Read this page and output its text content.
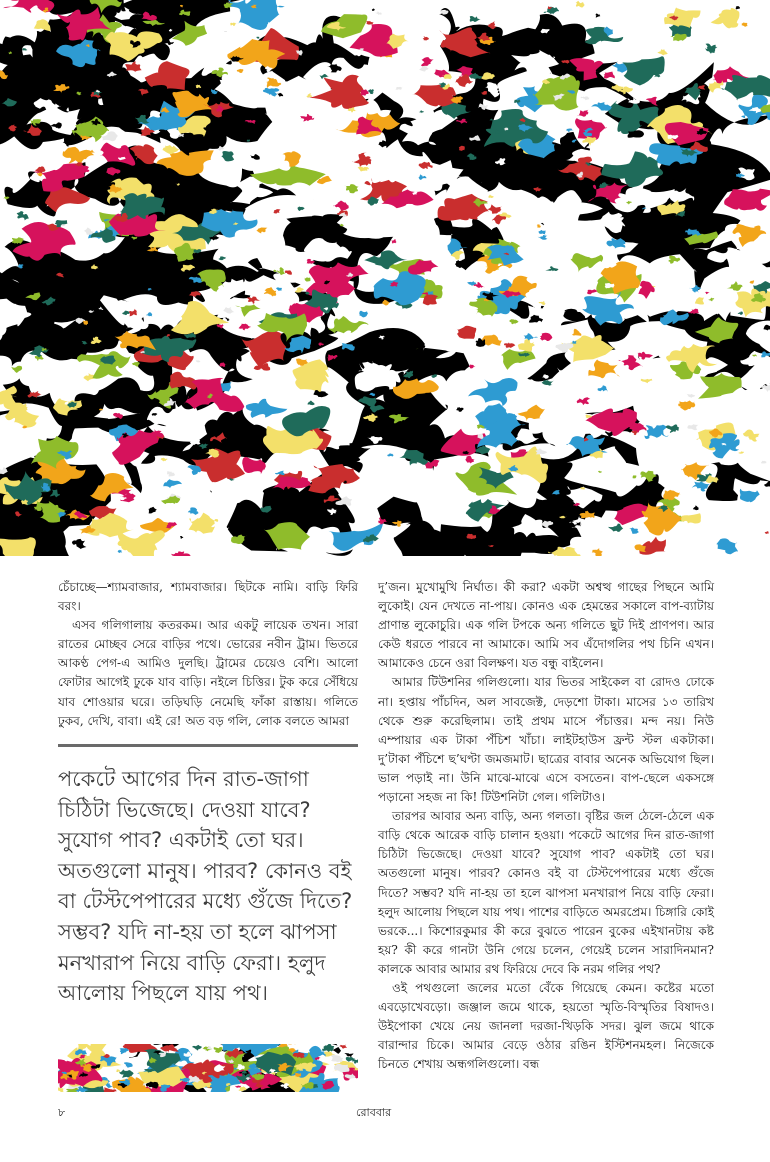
চেঁচাচ্ছে—শ্যামবাজার, শ্যামবাজার। ছিটকে নামি। বাড়ি ফিরি বরং।

এসব গলিগালায় কতরকম। আর একটু লায়েক তখন। সারা রাতের মোচ্ছব সেরে বাড়ির পথে। ভোরের নবীন ট্রাম। ভিতরে আকণ্ঠ পেগ-এ আমিও দুলছি। ট্রামের চেয়েও বেশি। আলো ফোটার আগেই ঢুকে যাব বাড়ি। নইলে চিত্তির। টুক করে সেঁধিয়ে যাব শোওয়ার ঘরে। তড়িঘড়ি নেমেছি ফাঁকা রাস্তায়। গলিতে ঢুকব, দেখি, বাবা। এই রে! অত বড় গলি, লোক বলতে আমরা

পকেটে আগের দিন রাত-জাগা চিঠিটা ভিজেছে। দেওয়া যাবে? সুযোগ পাব? একটাই তো ঘর। অতগুলো মানুষ। পারব? কোনও বই বা টেস্টপেপারের মধ্যে গুঁজে দিতে? সম্ভব? যদি না-হয় তা হলে ঝাপসা মনখারাপ নিয়ে বাড়ি ফেরা। হলুদ আলোয় পিছলে যায় পথ।

দু’জন। মুখোমুখি নির্ঘাত। কী করা? একটা অশ্বত্থ গাছের পিছনে আমি লুকোই। যেন দেখতে না-পায়। কোনও এক হেমন্তের সকালে বাপ-ব্যাটায় প্রাণান্ত লুকোচুরি। এক গলি টপকে অন্য গলিতে ছুট দিই প্রাণপণ। আর কেউ ধরতে পারবে না আমাকে। আমি সব এঁদোগলির পথ চিনি এখন। আমাকেও চেনে ওরা বিলক্ষণ। যত বন্ধু বাইলেন।

আমার টিউশনির গলিগুলো। যার ভিতর সাইকেল বা রোদও ঢোকে না। হপ্তায় পাঁচদিন, অল সাবজেক্ট, দেড়শো টাকা। মাসের ১৩ তারিখ থেকে শুরু করেছিলাম। তাই প্রথম মাসে পঁচাত্তর। মন্দ নয়। নিউ এম্পায়ার এক টাকা পঁচিশ খাঁচা। লাইটহাউস ফ্রন্ট স্টল একটাকা। দু’টাকা পঁচিশে ছ’ঘণ্টা জমজমাট। ছাত্রের বাবার অনেক অভিযোগ ছিল। ভাল পড়াই না। উনি মাঝে-মাঝে এসে বসতেন। বাপ-ছেলে একসঙ্গে পড়ানো সহজ না কি! টিউশনিটা গেল। গলিটাও।

তারপর আবার অন্য বাড়ি, অন্য গলতা। বৃষ্টির জল ঠেলে-ঠেলে এক বাড়ি থেকে আরেক বাড়ি চালান হওয়া। পকেটে আগের দিন রাত-জাগা চিঠিটা ভিজেছে। দেওয়া যাবে? সুযোগ পাব? একটাই তো ঘর। অতগুলো মানুষ। পারব? কোনও বই বা টেস্টপেপারের মধ্যে গুঁজে দিতে? সম্ভব? যদি না-হয় তা হলে ঝাপসা মনখারাপ নিয়ে বাড়ি ফেরা। হলুদ আলোয় পিছলে যায় পথ। পাশের বাড়িতে অমরপ্রেম। চিঙ্গারি কোই ভরকে...। কিশোরকুমার কী করে বুঝতে পারেন বুকের এইখানটায় কষ্ট হয়? কী করে গানটা উনি গেয়ে চলেন, গেয়েই চলেন সারাদিনমান? কালকে আবার আমার রথ ফিরিয়ে দেবে কি নরম গলির পথ?

ওই পথগুলো জলের মতো বেঁকে গিয়েছে কেমন। কষ্টের মতো এবড়োখেবড়ো। জঞ্জাল জমে থাকে, হয়তো স্মৃতি-বিস্মৃতির বিষাদও। উইপোকা খেয়ে নেয় জানলা দরজা-খিড়কি সদর। ঝুল জমে থাকে বারান্দার চিকে। আমার বেড়ে ওঠার রঙিন ইস্টিশনমহল। নিজেকে চিনতে শেখায় অন্ধগলিগুলো। বন্ধ

৮	রোববার
